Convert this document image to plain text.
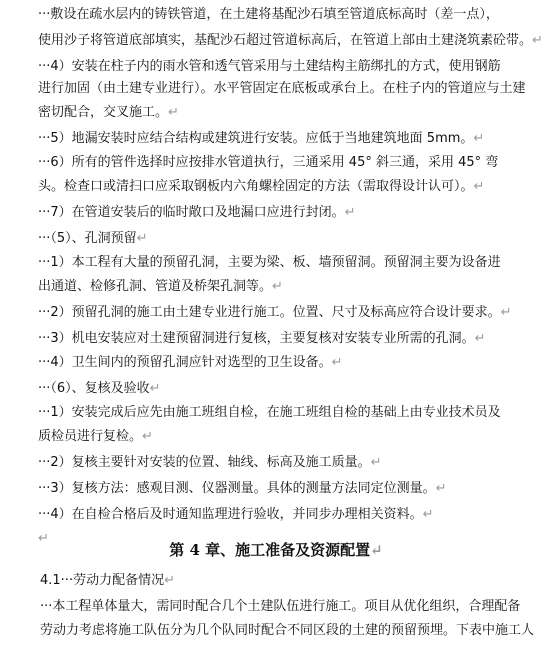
···敷设在疏水层内的铸铁管道，在土建将基配沙石填至管道底标高时（差一点），
使用沙子将管道底部填实，基配沙石超过管道标高后，在管道上部由土建浇筑素砼带。↵
···4）安装在柱子内的雨水管和透气管采用与土建结构主筋绑扎的方式，使用钢筋
进行加固（由土建专业进行）。水平管固定在底板或承台上。在柱子内的管道应与土建
密切配合，交叉施工。↵
···5）地漏安装时应结合结构或建筑进行安装。应低于当地建筑地面 5mm。↵
···6）所有的管件选择时应按排水管道执行，三通采用 45° 斜三通，采用 45° 弯
头。检查口或清扫口应采取钢板内六角螺栓固定的方法（需取得设计认可）。↵
···7）在管道安装后的临时敞口及地漏口应进行封闭。↵
···（5）、孔洞预留↵
···1）本工程有大量的预留孔洞，主要为梁、板、墙预留洞。预留洞主要为设备进
出通道、检修孔洞、管道及桥架孔洞等。↵
···2）预留孔洞的施工由土建专业进行施工。位置、尺寸及标高应符合设计要求。↵
···3）机电安装应对土建预留洞进行复核，主要复核对安装专业所需的孔洞。↵
···4）卫生间内的预留孔洞应针对选型的卫生设备。↵
···（6）、复核及验收↵
···1）安装完成后应先由施工班组自检，在施工班组自检的基础上由专业技术员及
质检员进行复检。↵
···2）复核主要针对安装的位置、轴线、标高及施工质量。↵
···3）复核方法：感观目测、仪器测量。具体的测量方法同定位测量。↵
···4）在自检合格后及时通知监理进行验收，并同步办理相关资料。↵
↵
第 4 章、施工准备及资源配置↵
4.1···劳动力配备情况↵
···本工程单体量大，需同时配合几个土建队伍进行施工。项目从优化组织，合理配备
劳动力考虑将施工队伍分为几个队同时配合不同区段的土建的预留预埋。下表中施工人
